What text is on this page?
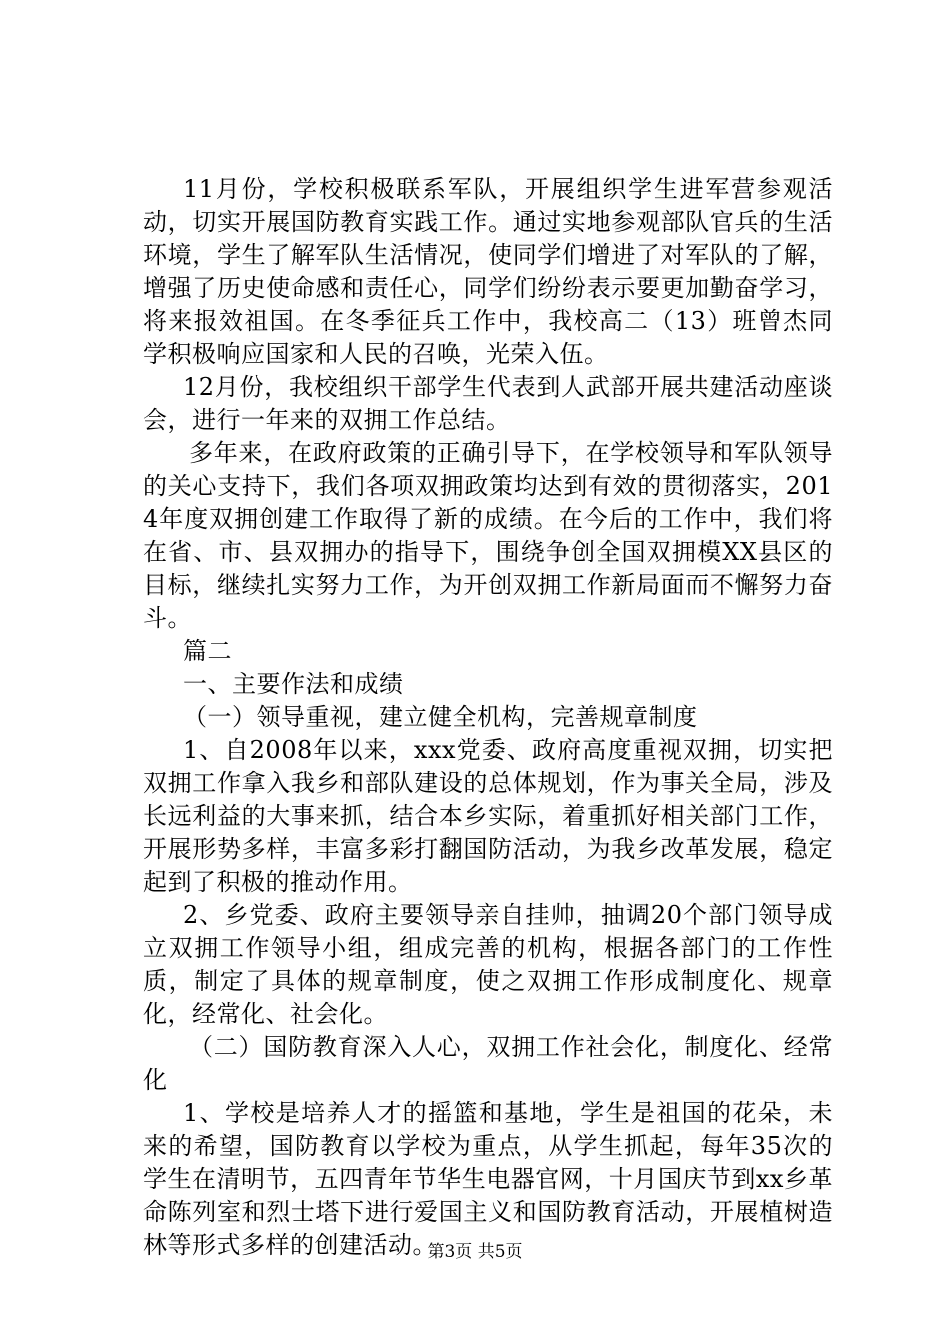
11月份，学校积极联系军队，开展组织学生进军营参观活动，切实开展国防教育实践工作。通过实地参观部队官兵的生活环境，学生了解军队生活情况，使同学们增进了对军队的了解，增强了历史使命感和责任心，同学们纷纷表示要更加勤奋学习，将来报效祖国。在冬季征兵工作中，我校高二（13）班曾杰同学积极响应国家和人民的召唤，光荣入伍。

12月份，我校组织干部学生代表到人武部开展共建活动座谈会，进行一年来的双拥工作总结。

多年来，在政府政策的正确引导下，在学校领导和军队领导的关心支持下，我们各项双拥政策均达到有效的贯彻落实，2014年度双拥创建工作取得了新的成绩。在今后的工作中，我们将在省、市、县双拥办的指导下，围绕争创全国双拥模XX县区的目标，继续扎实努力工作，为开创双拥工作新局面而不懈努力奋斗。

篇二

一、主要作法和成绩

（一）领导重视，建立健全机构，完善规章制度

1、自2008年以来，xxx党委、政府高度重视双拥，切实把双拥工作拿入我乡和部队建设的总体规划，作为事关全局，涉及长远利益的大事来抓，结合本乡实际，着重抓好相关部门工作，开展形势多样，丰富多彩打翻国防活动，为我乡改革发展，稳定起到了积极的推动作用。

2、乡党委、政府主要领导亲自挂帅，抽调20个部门领导成立双拥工作领导小组，组成完善的机构，根据各部门的工作性质，制定了具体的规章制度，使之双拥工作形成制度化、规章化，经常化、社会化。

（二）国防教育深入人心，双拥工作社会化，制度化、经常化

1、学校是培养人才的摇篮和基地，学生是祖国的花朵，未来的希望，国防教育以学校为重点，从学生抓起，每年35次的学生在清明节，五四青年节华生电器官网，十月国庆节到xx乡革命陈列室和烈士塔下进行爱国主义和国防教育活动，开展植树造林等形式多样的创建活动。

第3页 共5页
